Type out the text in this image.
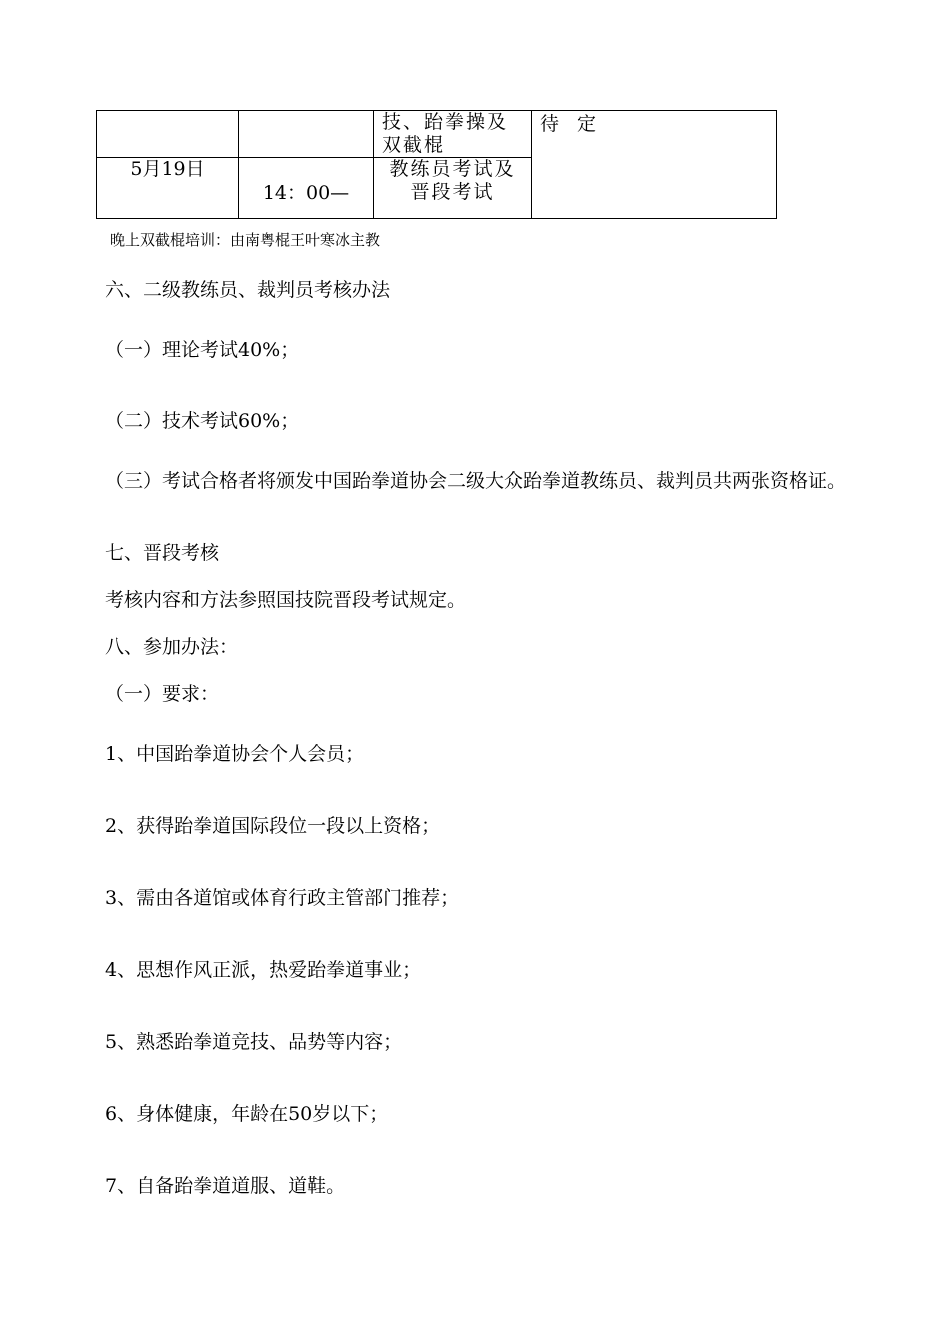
		技、跆拳操及双截棍	待 定
5月19日	14：00—	教练员考试及晋段考试	
晚上双截棍培训：由南粤棍王叶寒冰主教
六、二级教练员、裁判员考核办法
（一）理论考试40%；
（二）技术考试60%；
（三）考试合格者将颁发中国跆拳道协会二级大众跆拳道教练员、裁判员共两张资格证。
七、晋段考核
考核内容和方法参照国技院晋段考试规定。
八、参加办法：
（一）要求：
1、中国跆拳道协会个人会员；
2、获得跆拳道国际段位一段以上资格；
3、需由各道馆或体育行政主管部门推荐；
4、思想作风正派，热爱跆拳道事业；
5、熟悉跆拳道竞技、品势等内容；
6、身体健康，年龄在50岁以下；
7、自备跆拳道道服、道鞋。
